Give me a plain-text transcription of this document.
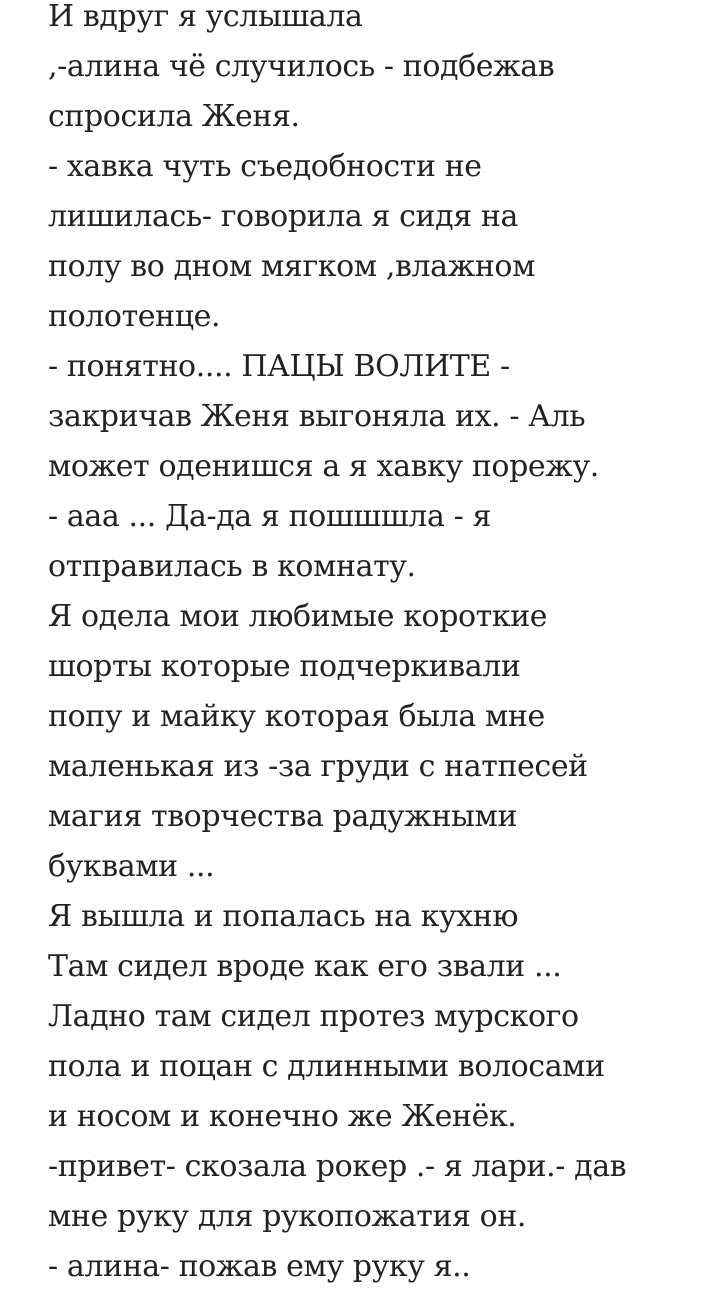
И вдруг я услышала
,-алина чё случилось - подбежав
спросила Женя.
- хавка чуть съедобности не
лишилась- говорила я сидя на
полу во дном мягком ,влажном
полотенце.
- понятно.... ПАЦЫ ВОЛИТЕ -
закричав Женя выгоняла их. - Аль
может оденишся а я хавку порежу.
- ааа ... Да-да я пошшшла - я
отправилась в комнату.
Я одела мои любимые короткие
шорты которые подчеркивали
попу и майку которая была мне
маленькая из -за груди с натпесей
магия творчества радужными
буквами ...
Я вышла и попалась на кухню
Там сидел вроде как его звали ...
Ладно там сидел протез мурского
пола и поцан с длинными волосами
и носом и конечно же Женёк.
-привет- скозала рокер .- я лари.- дав
мне руку для рукопожатия он.
- алина- пожав ему руку я..
